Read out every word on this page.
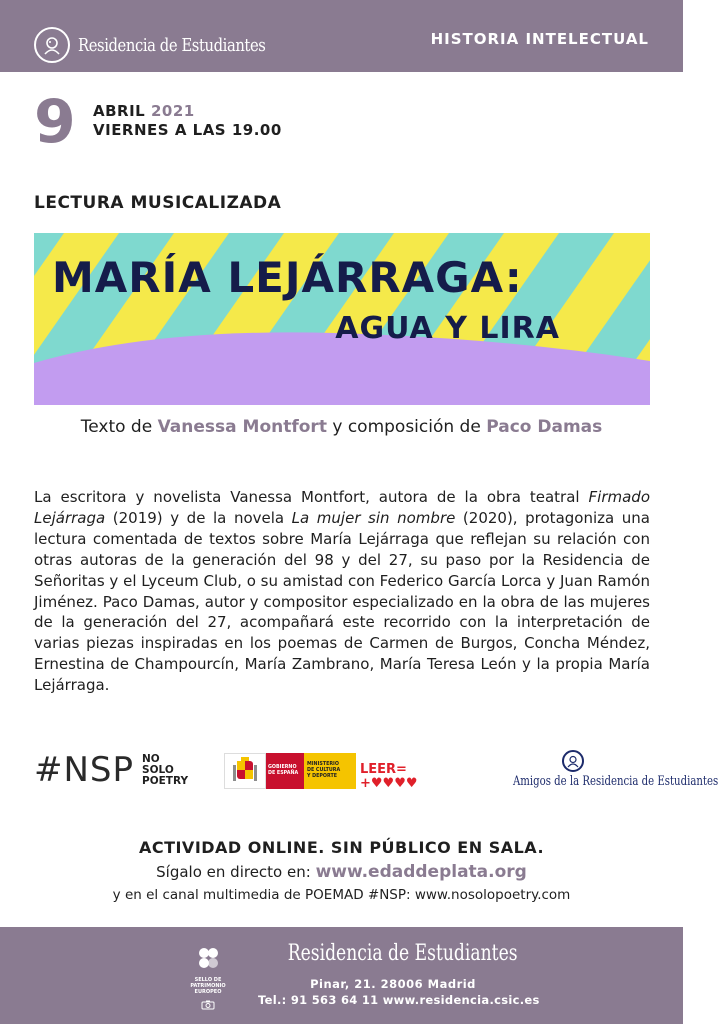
Residencia de Estudiantes	HISTORIA INTELECTUAL
9 ABRIL 2021
VIERNES A LAS 19.00
LECTURA MUSICALIZADA
MARÍA LEJÁRRAGA:
AGUA Y LIRA
Texto de Vanessa Montfort y composición de Paco Damas
La escritora y novelista Vanessa Montfort, autora de la obra teatral Firmado Lejárraga (2019) y de la novela La mujer sin nombre (2020), protagoniza una lectura comentada de textos sobre María Lejárraga que reflejan su relación con otras autoras de la generación del 98 y del 27, su paso por la Residencia de Señoritas y el Lyceum Club, o su amistad con Federico García Lorca y Juan Ramón Jiménez. Paco Damas, autor y compositor especializado en la obra de las mujeres de la generación del 27, acompañará este recorrido con la interpretación de varias piezas inspiradas en los poemas de Carmen de Burgos, Concha Méndez, Ernestina de Champourcín, María Zambrano, María Teresa León y la propia María Lejárraga.
#NSP NO
SOLO
POETRY
GOBIERNO
DE ESPAÑA
MINISTERIO
DE CULTURA
Y DEPORTE	LEER=
+♥♥♥♥	Amigos de la Residencia de Estudiantes
ACTIVIDAD ONLINE. SIN PÚBLICO EN SALA.
Sígalo en directo en: www.edaddeplata.org
y en el canal multimedia de POEMAD #NSP: www.nosolopoetry.com
SELLO DE
PATRIMONIO EUROPEO
Residencia de Estudiantes
Pinar, 21. 28006 Madrid
Tel.: 91 563 64 11 www.residencia.csic.es
